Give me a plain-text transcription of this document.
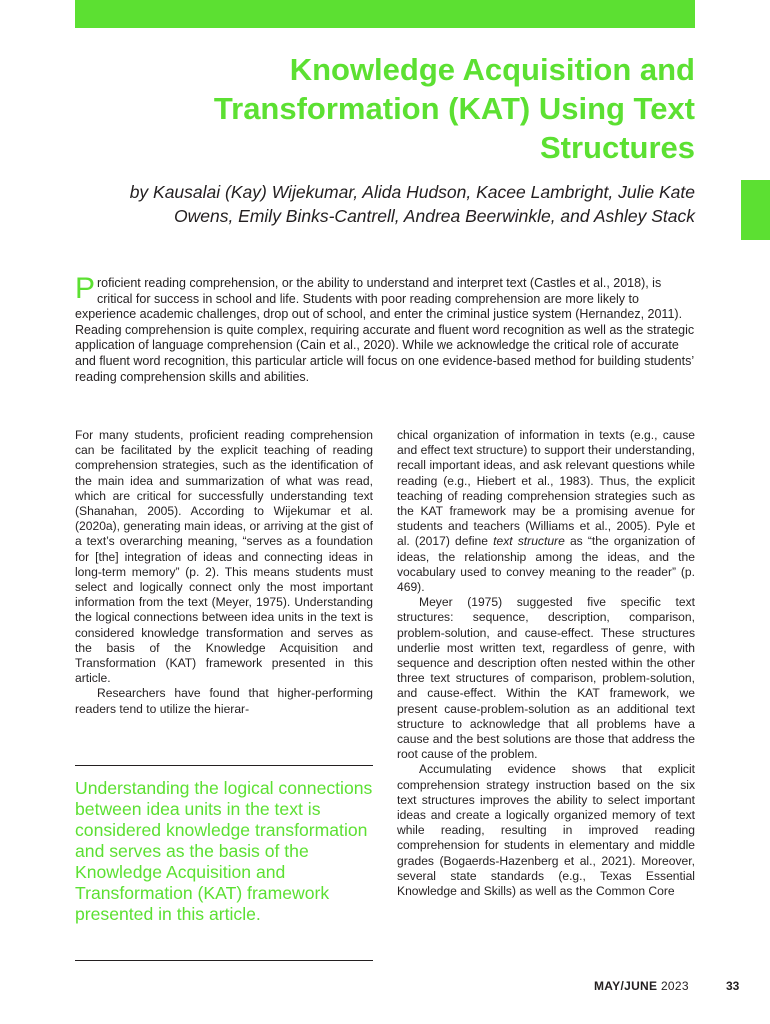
Knowledge Acquisition and Transformation (KAT) Using Text Structures
by Kausalai (Kay) Wijekumar, Alida Hudson, Kacee Lambright, Julie Kate Owens, Emily Binks-Cantrell, Andrea Beerwinkle, and Ashley Stack
P roficient reading comprehension, or the ability to understand and interpret text (Castles et al., 2018), is critical for success in school and life. Students with poor reading comprehension are more likely to experience academic challenges, drop out of school, and enter the criminal justice system (Hernandez, 2011). Reading comprehension is quite complex, requiring accurate and fluent word recognition as well as the strategic application of language comprehension (Cain et al., 2020). While we acknowledge the critical role of accurate and fluent word recognition, this particular article will focus on one evidence-based method for building students’ reading comprehension skills and abilities.

For many students, proficient reading comprehension can be facilitated by the explicit teaching of reading comprehension strategies, such as the identification of the main idea and summarization of what was read, which are critical for successfully understanding text (Shanahan, 2005). According to Wijekumar et al. (2020a), generating main ideas, or arriving at the gist of a text’s overarching meaning, “serves as a foundation for [the] integration of ideas and connecting ideas in long-term memory” (p. 2). This means students must select and logically connect only the most important information from the text (Meyer, 1975). Understanding the logical connections between idea units in the text is considered knowledge transformation and serves as the basis of the Knowledge Acquisition and Transformation (KAT) framework presented in this article.

Researchers have found that higher-performing readers tend to utilize the hierar-

Understanding the logical connections between idea units in the text is considered knowledge transformation and serves as the basis of the Knowledge Acquisition and Transformation (KAT) framework presented in this article.

chical organization of information in texts (e.g., cause and effect text structure) to support their understanding, recall important ideas, and ask relevant questions while reading (e.g., Hiebert et al., 1983). Thus, the explicit teaching of reading comprehension strategies such as the KAT framework may be a promising avenue for students and teachers (Williams et al., 2005). Pyle et al. (2017) define text structure as “the organization of ideas, the relationship among the ideas, and the vocabulary used to convey meaning to the reader” (p. 469).

Meyer (1975) suggested five specific text structures: sequence, description, comparison, problem-solution, and cause-effect. These structures underlie most written text, regardless of genre, with sequence and description often nested within the other three text structures of comparison, problem-solution, and cause-effect. Within the KAT framework, we present cause-problem-solution as an additional text structure to acknowledge that all problems have a cause and the best solutions are those that address the root cause of the problem.

Accumulating evidence shows that explicit comprehension strategy instruction based on the six text structures improves the ability to select important ideas and create a logically organized memory of text while reading, resulting in improved reading comprehension for students in elementary and middle grades (Bogaerds-Hazenberg et al., 2021). Moreover, several state standards (e.g., Texas Essential Knowledge and Skills) as well as the Common Core

MAY/JUNE 2023	33
